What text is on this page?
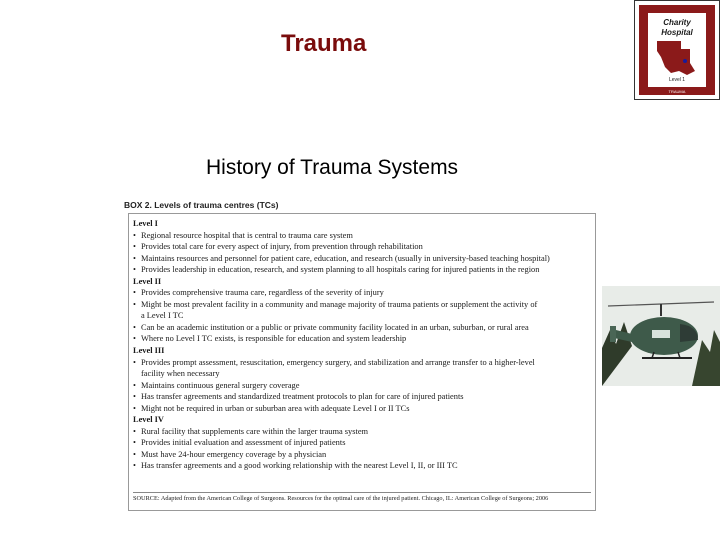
Trauma
Charity
Hospital
Level 1
TRAUMA
History of Trauma Systems
BOX 2. Levels of trauma centres (TCs)
Level I
• Regional resource hospital that is central to trauma care system
• Provides total care for every aspect of injury, from prevention through rehabilitation
• Maintains resources and personnel for patient care, education, and research (usually in university-based teaching hospital)
• Provides leadership in education, research, and system planning to all hospitals caring for injured patients in the region
Level II
• Provides comprehensive trauma care, regardless of the severity of injury
• Might be most prevalent facility in a community and manage majority of trauma patients or supplement the activity of
a Level I TC
• Can be an academic institution or a public or private community facility located in an urban, suburban, or rural area
• Where no Level I TC exists, is responsible for education and system leadership
Level III
• Provides prompt assessment, resuscitation, emergency surgery, and stabilization and arrange transfer to a higher-level
facility when necessary
• Maintains continuous general surgery coverage
• Has transfer agreements and standardized treatment protocols to plan for care of injured patients
• Might not be required in urban or suburban area with adequate Level I or II TCs
Level IV
• Rural facility that supplements care within the larger trauma system
• Provides initial evaluation and assessment of injured patients
• Must have 24-hour emergency coverage by a physician
• Has transfer agreements and a good working relationship with the nearest Level I, II, or III TC
SOURCE: Adapted from the American College of Surgeons. Resources for the optimal care of the injured patient. Chicago, IL: American College of Surgeons; 2006
